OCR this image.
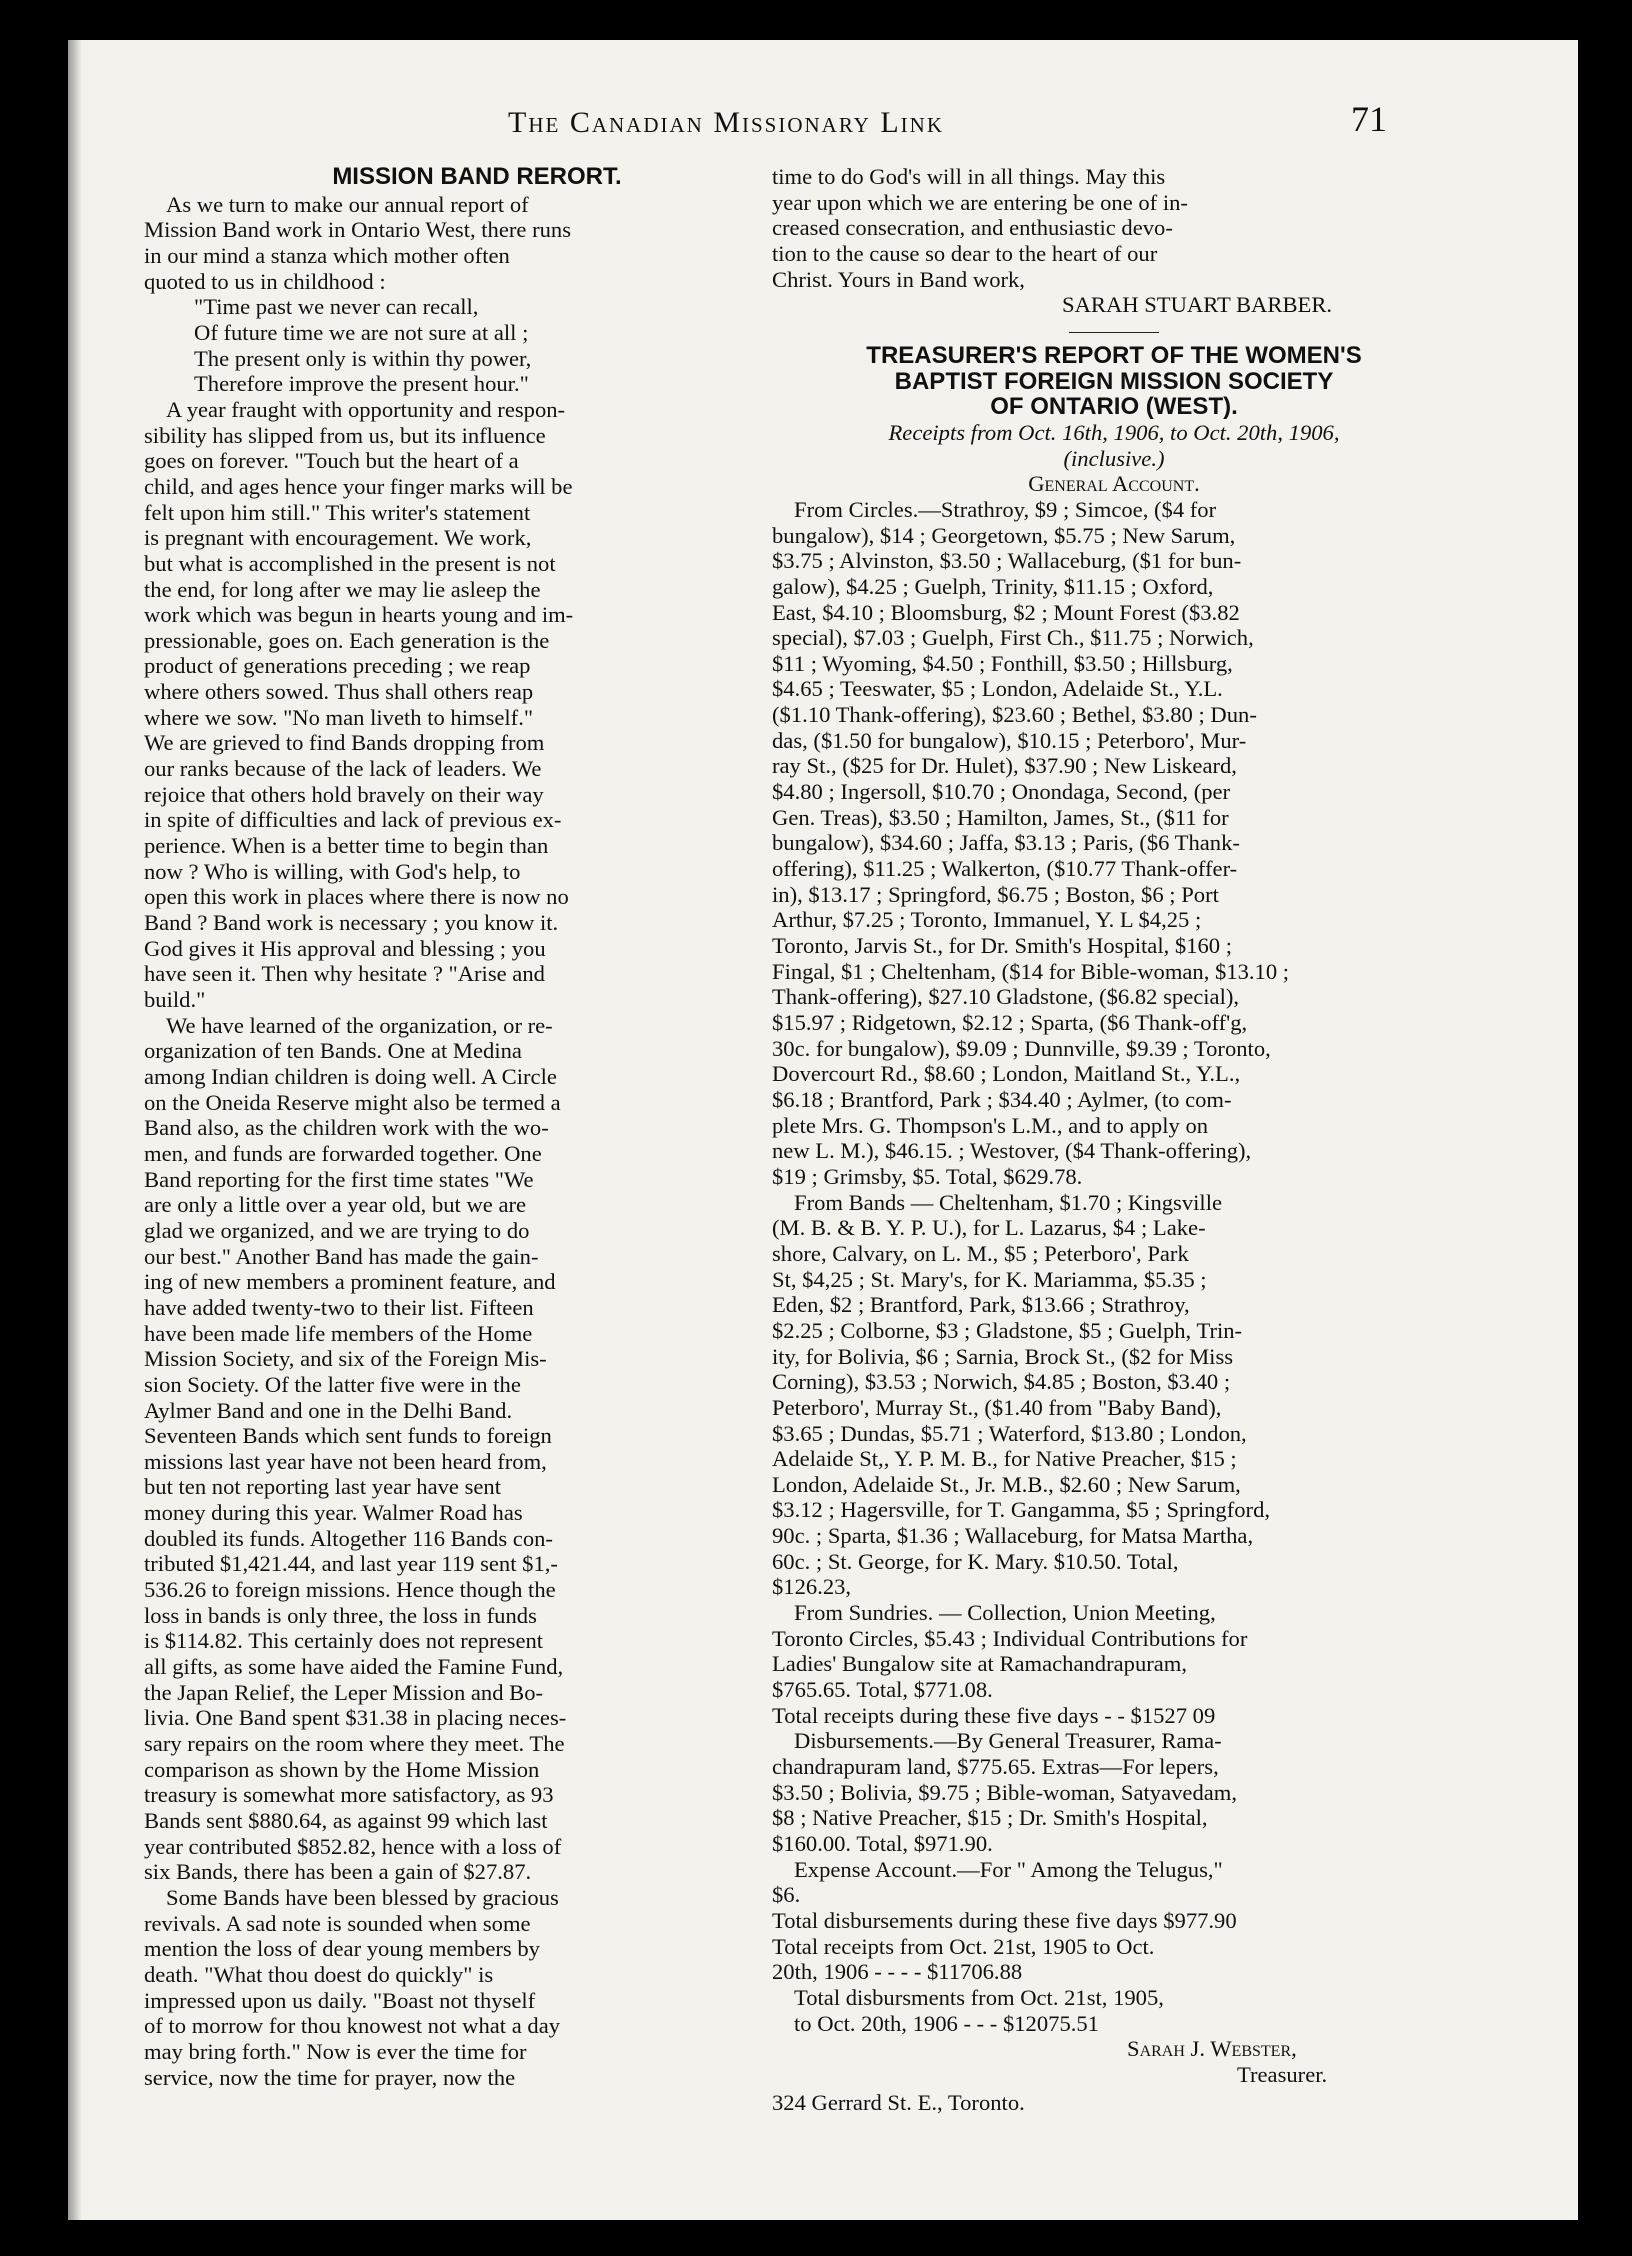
The Canadian Missionary Link	71
MISSION BAND RERORT.
As we turn to make our annual report of
Mission Band work in Ontario West, there runs
in our mind a stanza which mother often
quoted to us in childhood :
"Time past we never can recall,
Of future time we are not sure at all ;
The present only is within thy power,
Therefore improve the present hour."
A year fraught with opportunity and respon-
sibility has slipped from us, but its influence
goes on forever. "Touch but the heart of a
child, and ages hence your finger marks will be
felt upon him still." This writer's statement
is pregnant with encouragement. We work,
but what is accomplished in the present is not
the end, for long after we may lie asleep the
work which was begun in hearts young and im-
pressionable, goes on. Each generation is the
product of generations preceding ; we reap
where others sowed. Thus shall others reap
where we sow. "No man liveth to himself."
We are grieved to find Bands dropping from
our ranks because of the lack of leaders. We
rejoice that others hold bravely on their way
in spite of difficulties and lack of previous ex-
perience. When is a better time to begin than
now ? Who is willing, with God's help, to
open this work in places where there is now no
Band ? Band work is necessary ; you know it.
God gives it His approval and blessing ; you
have seen it. Then why hesitate ? "Arise and
build."
We have learned of the organization, or re-
organization of ten Bands. One at Medina
among Indian children is doing well. A Circle
on the Oneida Reserve might also be termed a
Band also, as the children work with the wo-
men, and funds are forwarded together. One
Band reporting for the first time states "We
are only a little over a year old, but we are
glad we organized, and we are trying to do
our best." Another Band has made the gain-
ing of new members a prominent feature, and
have added twenty-two to their list. Fifteen
have been made life members of the Home
Mission Society, and six of the Foreign Mis-
sion Society. Of the latter five were in the
Aylmer Band and one in the Delhi Band.
Seventeen Bands which sent funds to foreign
missions last year have not been heard from,
but ten not reporting last year have sent
money during this year. Walmer Road has
doubled its funds. Altogether 116 Bands con-
tributed $1,421.44, and last year 119 sent $1,-
536.26 to foreign missions. Hence though the
loss in bands is only three, the loss in funds
is $114.82. This certainly does not represent
all gifts, as some have aided the Famine Fund,
the Japan Relief, the Leper Mission and Bo-
livia. One Band spent $31.38 in placing neces-
sary repairs on the room where they meet. The
comparison as shown by the Home Mission
treasury is somewhat more satisfactory, as 93
Bands sent $880.64, as against 99 which last
year contributed $852.82, hence with a loss of
six Bands, there has been a gain of $27.87.
Some Bands have been blessed by gracious
revivals. A sad note is sounded when some
mention the loss of dear young members by
death. "What thou doest do quickly" is
impressed upon us daily. "Boast not thyself
of to morrow for thou knowest not what a day
may bring forth." Now is ever the time for
service, now the time for prayer, now the
time to do God's will in all things. May this
year upon which we are entering be one of in-
creased consecration, and enthusiastic devo-
tion to the cause so dear to the heart of our
Christ. Yours in Band work,
SARAH STUART BARBER.
TREASURER'S REPORT OF THE WOMEN'S
BAPTIST FOREIGN MISSION SOCIETY
OF ONTARIO (WEST).
Receipts from Oct. 16th, 1906, to Oct. 20th, 1906,
(inclusive.)
General Account.
From Circles.—Strathroy, $9 ; Simcoe, ($4 for
bungalow), $14 ; Georgetown, $5.75 ; New Sarum,
$3.75 ; Alvinston, $3.50 ; Wallaceburg, ($1 for bun-
galow), $4.25 ; Guelph, Trinity, $11.15 ; Oxford,
East, $4.10 ; Bloomsburg, $2 ; Mount Forest ($3.82
special), $7.03 ; Guelph, First Ch., $11.75 ; Norwich,
$11 ; Wyoming, $4.50 ; Fonthill, $3.50 ; Hillsburg,
$4.65 ; Teeswater, $5 ; London, Adelaide St., Y.L.
($1.10 Thank-offering), $23.60 ; Bethel, $3.80 ; Dun-
das, ($1.50 for bungalow), $10.15 ; Peterboro', Mur-
ray St., ($25 for Dr. Hulet), $37.90 ; New Liskeard,
$4.80 ; Ingersoll, $10.70 ; Onondaga, Second, (per
Gen. Treas), $3.50 ; Hamilton, James, St., ($11 for
bungalow), $34.60 ; Jaffa, $3.13 ; Paris, ($6 Thank-
offering), $11.25 ; Walkerton, ($10.77 Thank-offer-
in), $13.17 ; Springford, $6.75 ; Boston, $6 ; Port
Arthur, $7.25 ; Toronto, Immanuel, Y. L $4,25 ;
Toronto, Jarvis St., for Dr. Smith's Hospital, $160 ;
Fingal, $1 ; Cheltenham, ($14 for Bible-woman, $13.10 ;
Thank-offering), $27.10 Gladstone, ($6.82 special),
$15.97 ; Ridgetown, $2.12 ; Sparta, ($6 Thank-off'g,
30c. for bungalow), $9.09 ; Dunnville, $9.39 ; Toronto,
Dovercourt Rd., $8.60 ; London, Maitland St., Y.L.,
$6.18 ; Brantford, Park ; $34.40 ; Aylmer, (to com-
plete Mrs. G. Thompson's L.M., and to apply on
new L. M.), $46.15. ; Westover, ($4 Thank-offering),
$19 ; Grimsby, $5. Total, $629.78.
From Bands — Cheltenham, $1.70 ; Kingsville
(M. B. & B. Y. P. U.), for L. Lazarus, $4 ; Lake-
shore, Calvary, on L. M., $5 ; Peterboro', Park
St, $4,25 ; St. Mary's, for K. Mariamma, $5.35 ;
Eden, $2 ; Brantford, Park, $13.66 ; Strathroy,
$2.25 ; Colborne, $3 ; Gladstone, $5 ; Guelph, Trin-
ity, for Bolivia, $6 ; Sarnia, Brock St., ($2 for Miss
Corning), $3.53 ; Norwich, $4.85 ; Boston, $3.40 ;
Peterboro', Murray St., ($1.40 from "Baby Band),
$3.65 ; Dundas, $5.71 ; Waterford, $13.80 ; London,
Adelaide St,, Y. P. M. B., for Native Preacher, $15 ;
London, Adelaide St., Jr. M.B., $2.60 ; New Sarum,
$3.12 ; Hagersville, for T. Gangamma, $5 ; Springford,
90c. ; Sparta, $1.36 ; Wallaceburg, for Matsa Martha,
60c. ; St. George, for K. Mary. $10.50. Total,
$126.23,
From Sundries. — Collection, Union Meeting,
Toronto Circles, $5.43 ; Individual Contributions for
Ladies' Bungalow site at Ramachandrapuram,
$765.65. Total, $771.08.
Total receipts during these five days - - $1527 09
Disbursements.—By General Treasurer, Rama-
chandrapuram land, $775.65. Extras—For lepers,
$3.50 ; Bolivia, $9.75 ; Bible-woman, Satyavedam,
$8 ; Native Preacher, $15 ; Dr. Smith's Hospital,
$160.00. Total, $971.90.
Expense Account.—For " Among the Telugus,"
$6.
Total disbursements during these five days $977.90
Total receipts from Oct. 21st, 1905 to Oct.
20th, 1906 - - - - $11706.88
Total disbursments from Oct. 21st, 1905,
to Oct. 20th, 1906 - - - $12075.51
Sarah J. Webster,
Treasurer.
324 Gerrard St. E., Toronto.
